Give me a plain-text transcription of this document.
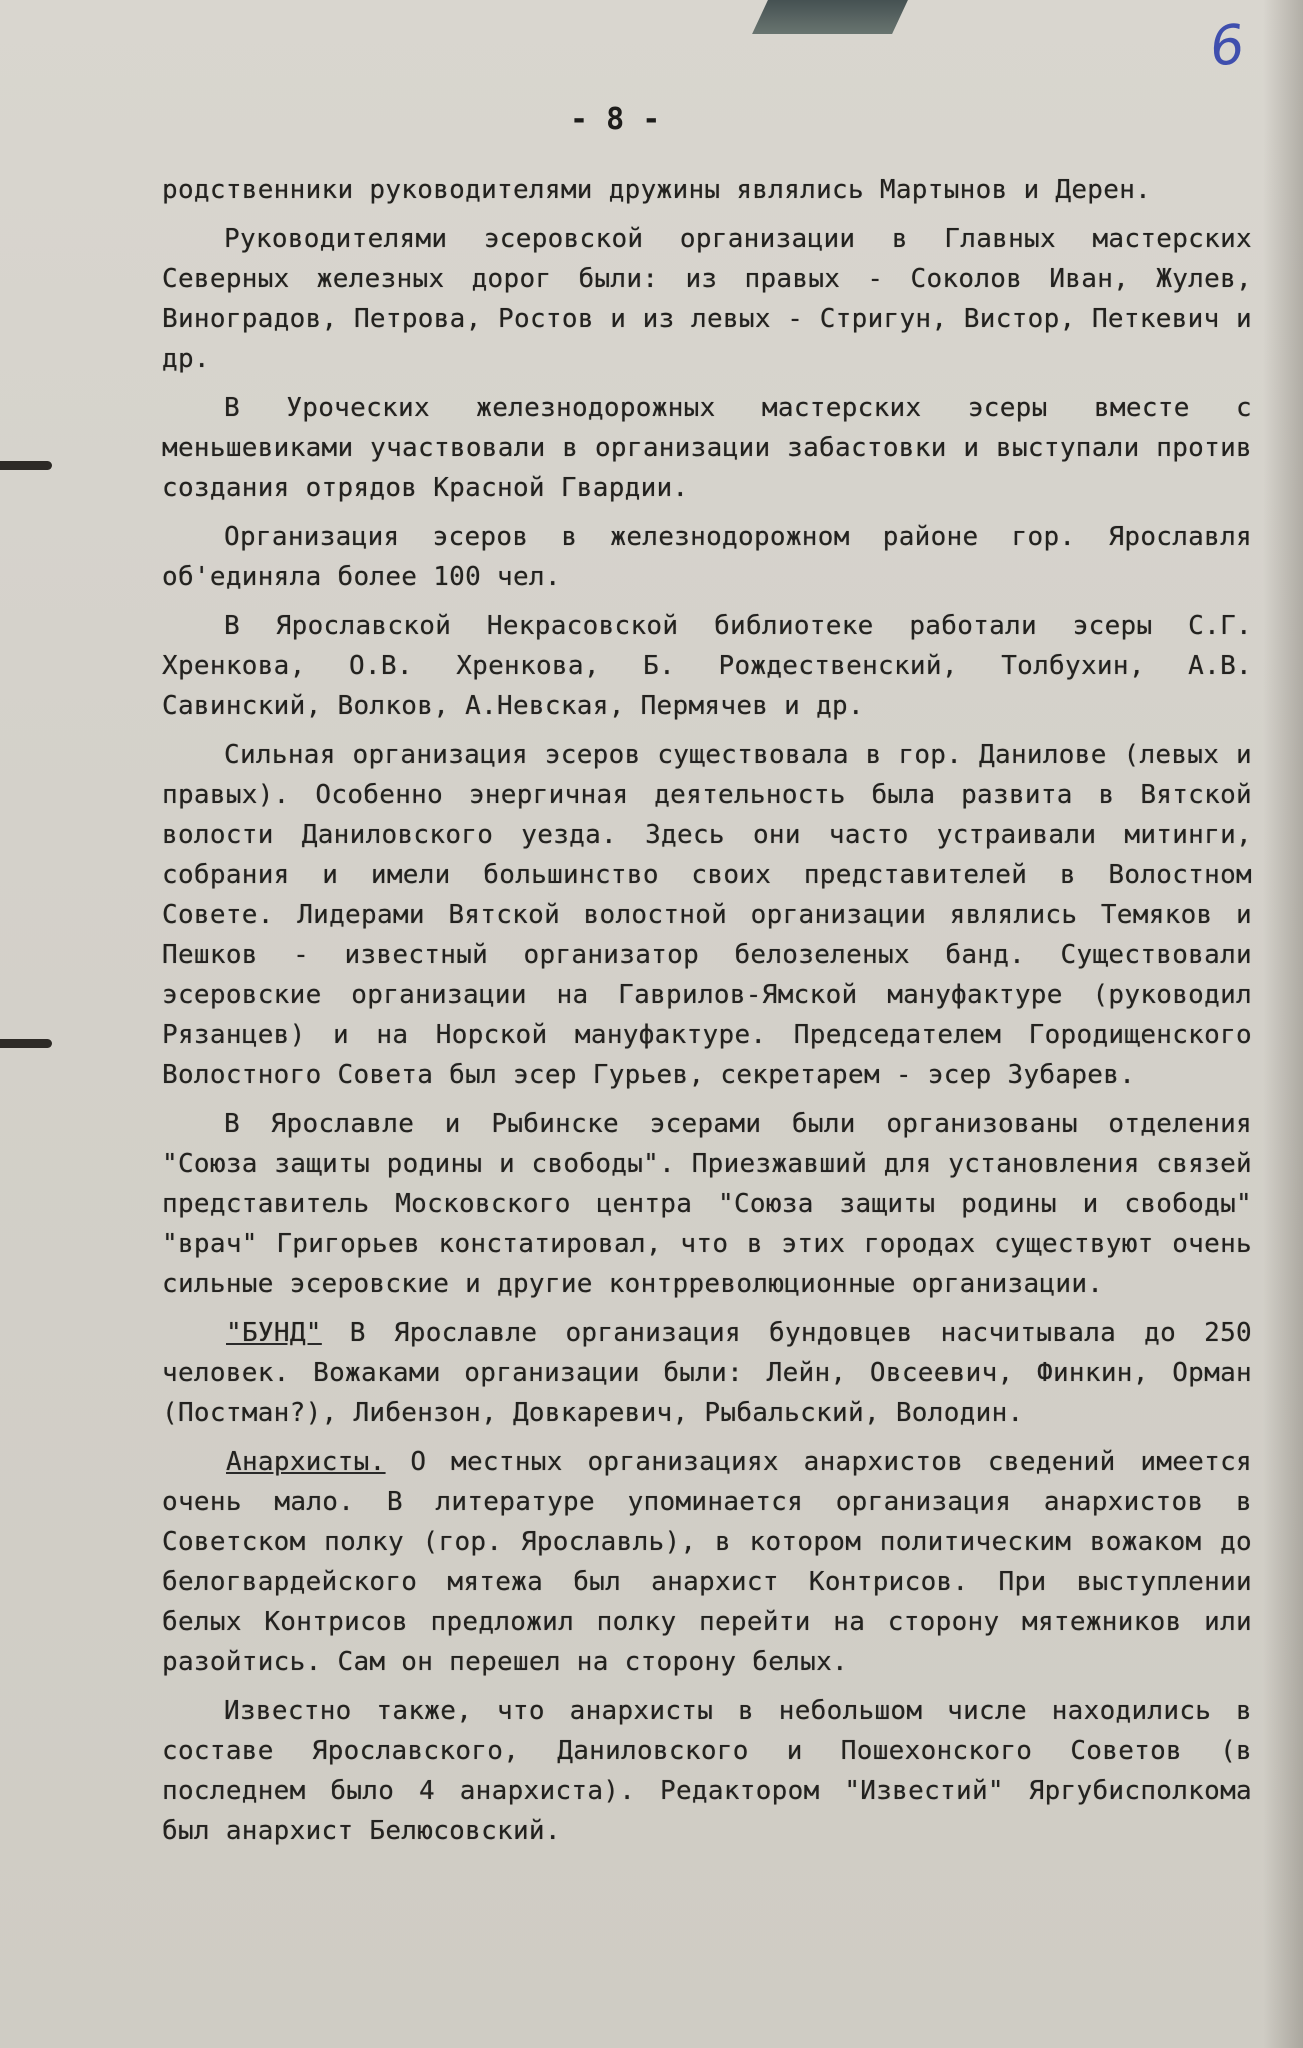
6
- 8 -

родственники руководителями дружины являлись Мартынов и Дерен.

Руководителями эсеровской организации в Главных мастерских Северных железных дорог были: из правых - Соколов Иван, Жулев, Виноградов, Петрова, Ростов и из левых - Стригун, Вистор, Петкевич и др.

В Уроческих железнодорожных мастерских эсеры вместе с меньшевиками участвовали в организации забастовки и выступали против создания отрядов Красной Гвардии.

Организация эсеров в железнодорожном районе гор. Ярославля об'единяла более 100 чел.

В Ярославской Некрасовской библиотеке работали эсеры С.Г. Хренкова, О.В. Хренкова, Б. Рождественский, Толбухин, А.В. Савинский, Волков, А.Невская, Пермячев и др.

Сильная организация эсеров существовала в гор. Данилове (левых и правых). Особенно энергичная деятельность была развита в Вятской волости Даниловского уезда. Здесь они часто устраивали митинги, собрания и имели большинство своих представителей в Волостном Совете. Лидерами Вятской волостной организации являлись Темяков и Пешков - известный организатор белозеленых банд. Существовали эсеровские организации на Гаврилов-Ямской мануфактуре (руководил Рязанцев) и на Норской мануфактуре. Председателем Городищенского Волостного Совета был эсер Гурьев, секретарем - эсер Зубарев.

В Ярославле и Рыбинске эсерами были организованы отделения "Союза защиты родины и свободы". Приезжавший для установления связей представитель Московского центра "Союза защиты родины и свободы" "врач" Григорьев констатировал, что в этих городах существуют очень сильные эсеровские и другие контрреволюционные организации.

"БУНД" В Ярославле организация бундовцев насчитывала до 250 человек. Вожаками организации были: Лейн, Овсеевич, Финкин, Орман (Постман?), Либензон, Довкаревич, Рыбальский, Володин.

Анархисты. О местных организациях анархистов сведений имеется очень мало. В литературе упоминается организация анархистов в Советском полку (гор. Ярославль), в котором политическим вожаком до белогвардейского мятежа был анархист Контрисов. При выступлении белых Контрисов предложил полку перейти на сторону мятежников или разойтись. Сам он перешел на сторону белых.

Известно также, что анархисты в небольшом числе находились в составе Ярославского, Даниловского и Пошехонского Советов (в последнем было 4 анархиста). Редактором "Известий" Яргубисполкома был анархист Белюсовский.
